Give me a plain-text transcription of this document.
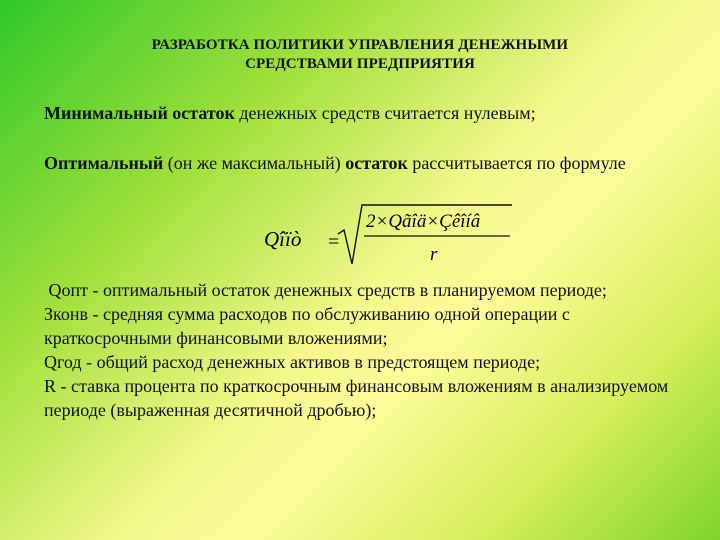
РАЗРАБОТКА ПОЛИТИКИ УПРАВЛЕНИЯ ДЕНЕЖНЫМИ
СРЕДСТВАМИ ПРЕДПРИЯТИЯ
Минимальный остаток денежных средств считается нулевым;
Оптимальный (он же максимальный) остаток рассчитывается по формуле
Qîïò =
2×Qãîä×Çêîíâ
r
Qопт - оптимальный остаток денежных средств в планируемом периоде;
Зконв - средняя сумма расходов по обслуживанию одной операции с краткосрочными финансовыми вложениями;
Qгод - общий расход денежных активов в предстоящем периоде;
R - ставка процента по краткосрочным финансовым вложениям в анализируемом периоде (выраженная десятичной дробью);
